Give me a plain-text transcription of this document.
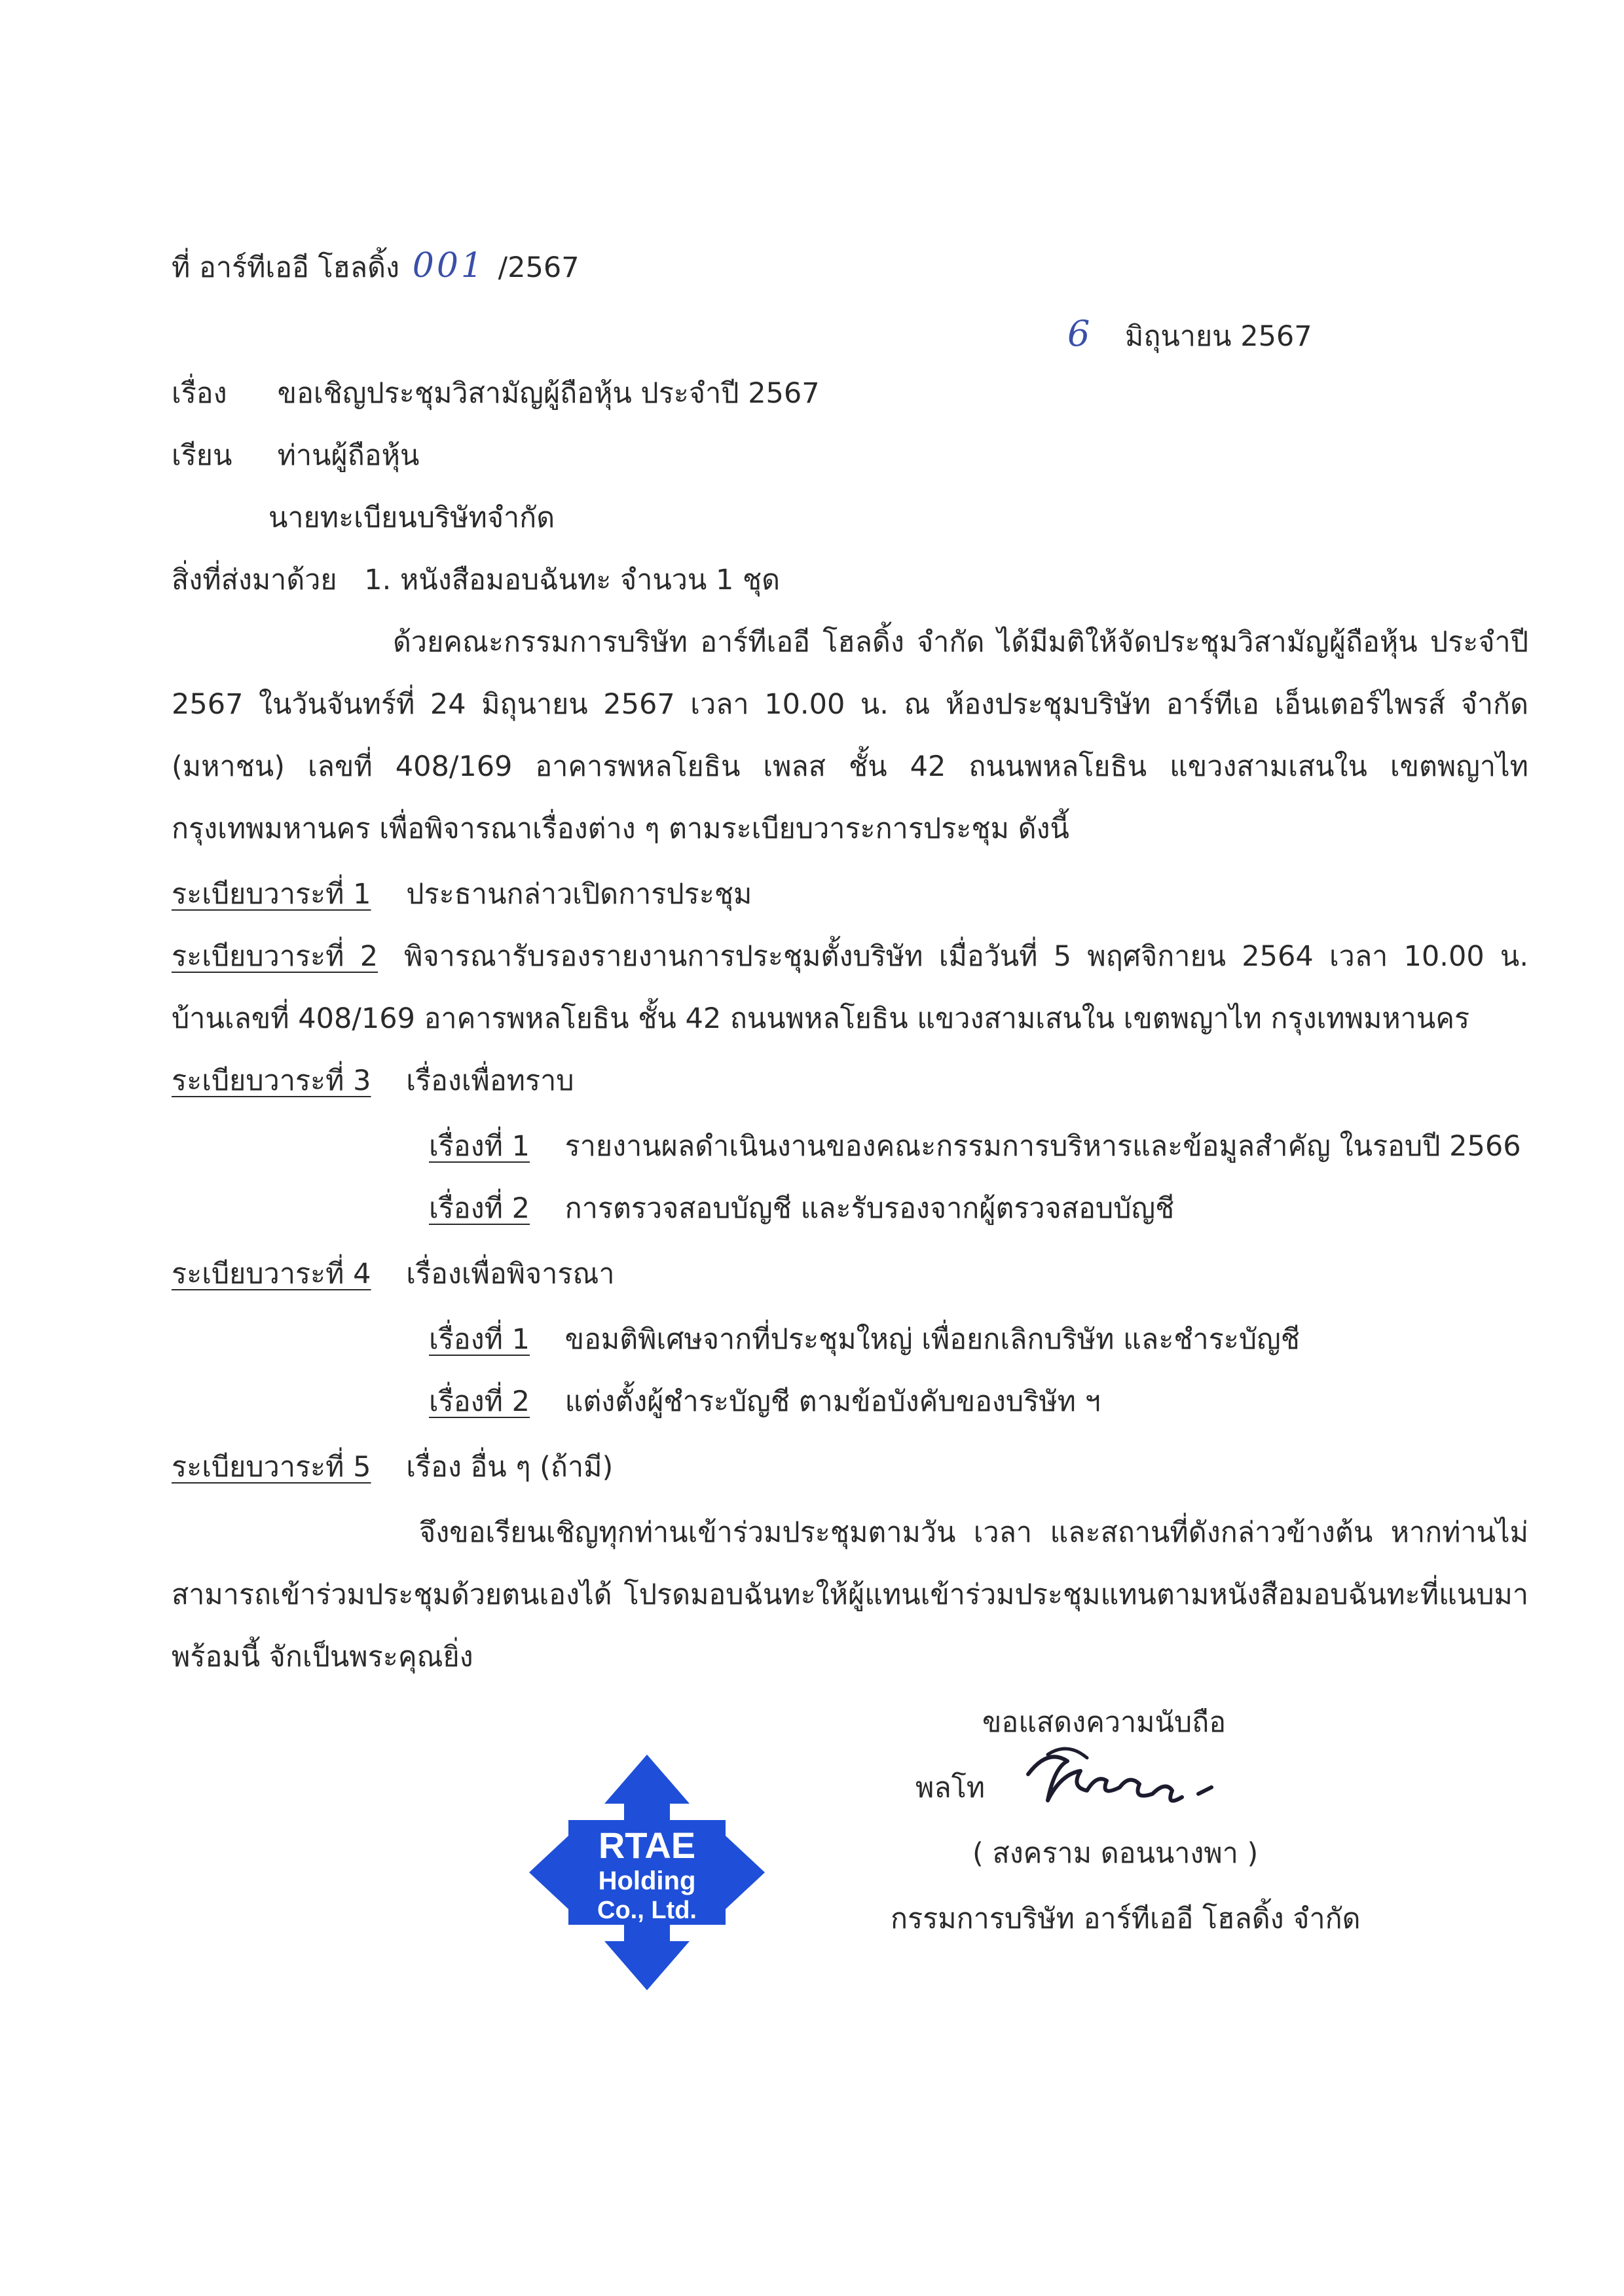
ที่ อาร์ทีเออี โฮลดิ้ง 001 /2567
6 มิถุนายน 2567
เรื่อง ขอเชิญประชุมวิสามัญผู้ถือหุ้น ประจำปี 2567
เรียน ท่านผู้ถือหุ้น
นายทะเบียนบริษัทจำกัด
สิ่งที่ส่งมาด้วย 1. หนังสือมอบฉันทะ จำนวน 1 ชุด
ด้วยคณะกรรมการบริษัท อาร์ทีเออี โฮลดิ้ง จำกัด ได้มีมติให้จัดประชุมวิสามัญผู้ถือหุ้น ประจำปี
2567 ในวันจันทร์ที่ 24 มิถุนายน 2567 เวลา 10.00 น. ณ ห้องประชุมบริษัท อาร์ทีเอ เอ็นเตอร์ไพรส์ จำกัด
(มหาชน) เลขที่ 408/169 อาคารพหลโยธิน เพลส ชั้น 42 ถนนพหลโยธิน แขวงสามเสนใน เขตพญาไท
กรุงเทพมหานคร เพื่อพิจารณาเรื่องต่าง ๆ ตามระเบียบวาระการประชุม ดังนี้
ระเบียบวาระที่ 1 ประธานกล่าวเปิดการประชุม
ระเบียบวาระที่ 2 พิจารณารับรองรายงานการประชุมตั้งบริษัท เมื่อวันที่ 5 พฤศจิกายน 2564 เวลา 10.00 น.
บ้านเลขที่ 408/169 อาคารพหลโยธิน ชั้น 42 ถนนพหลโยธิน แขวงสามเสนใน เขตพญาไท กรุงเทพมหานคร
ระเบียบวาระที่ 3 เรื่องเพื่อทราบ
เรื่องที่ 1 รายงานผลดำเนินงานของคณะกรรมการบริหารและข้อมูลสำคัญ ในรอบปี 2566
เรื่องที่ 2 การตรวจสอบบัญชี และรับรองจากผู้ตรวจสอบบัญชี
ระเบียบวาระที่ 4 เรื่องเพื่อพิจารณา
เรื่องที่ 1 ขอมติพิเศษจากที่ประชุมใหญ่ เพื่อยกเลิกบริษัท และชำระบัญชี
เรื่องที่ 2 แต่งตั้งผู้ชำระบัญชี ตามข้อบังคับของบริษัท ฯ
ระเบียบวาระที่ 5 เรื่อง อื่น ๆ (ถ้ามี)
จึงขอเรียนเชิญทุกท่านเข้าร่วมประชุมตามวัน เวลา และสถานที่ดังกล่าวข้างต้น หากท่านไม่
สามารถเข้าร่วมประชุมด้วยตนเองได้ โปรดมอบฉันทะให้ผู้แทนเข้าร่วมประชุมแทนตามหนังสือมอบฉันทะที่แนบมา
พร้อมนี้ จักเป็นพระคุณยิ่ง
ขอแสดงความนับถือ
พลโท
( สงคราม ดอนนางพา )
กรรมการบริษัท อาร์ทีเออี โฮลดิ้ง จำกัด
RTAE
Holding
Co., Ltd.
